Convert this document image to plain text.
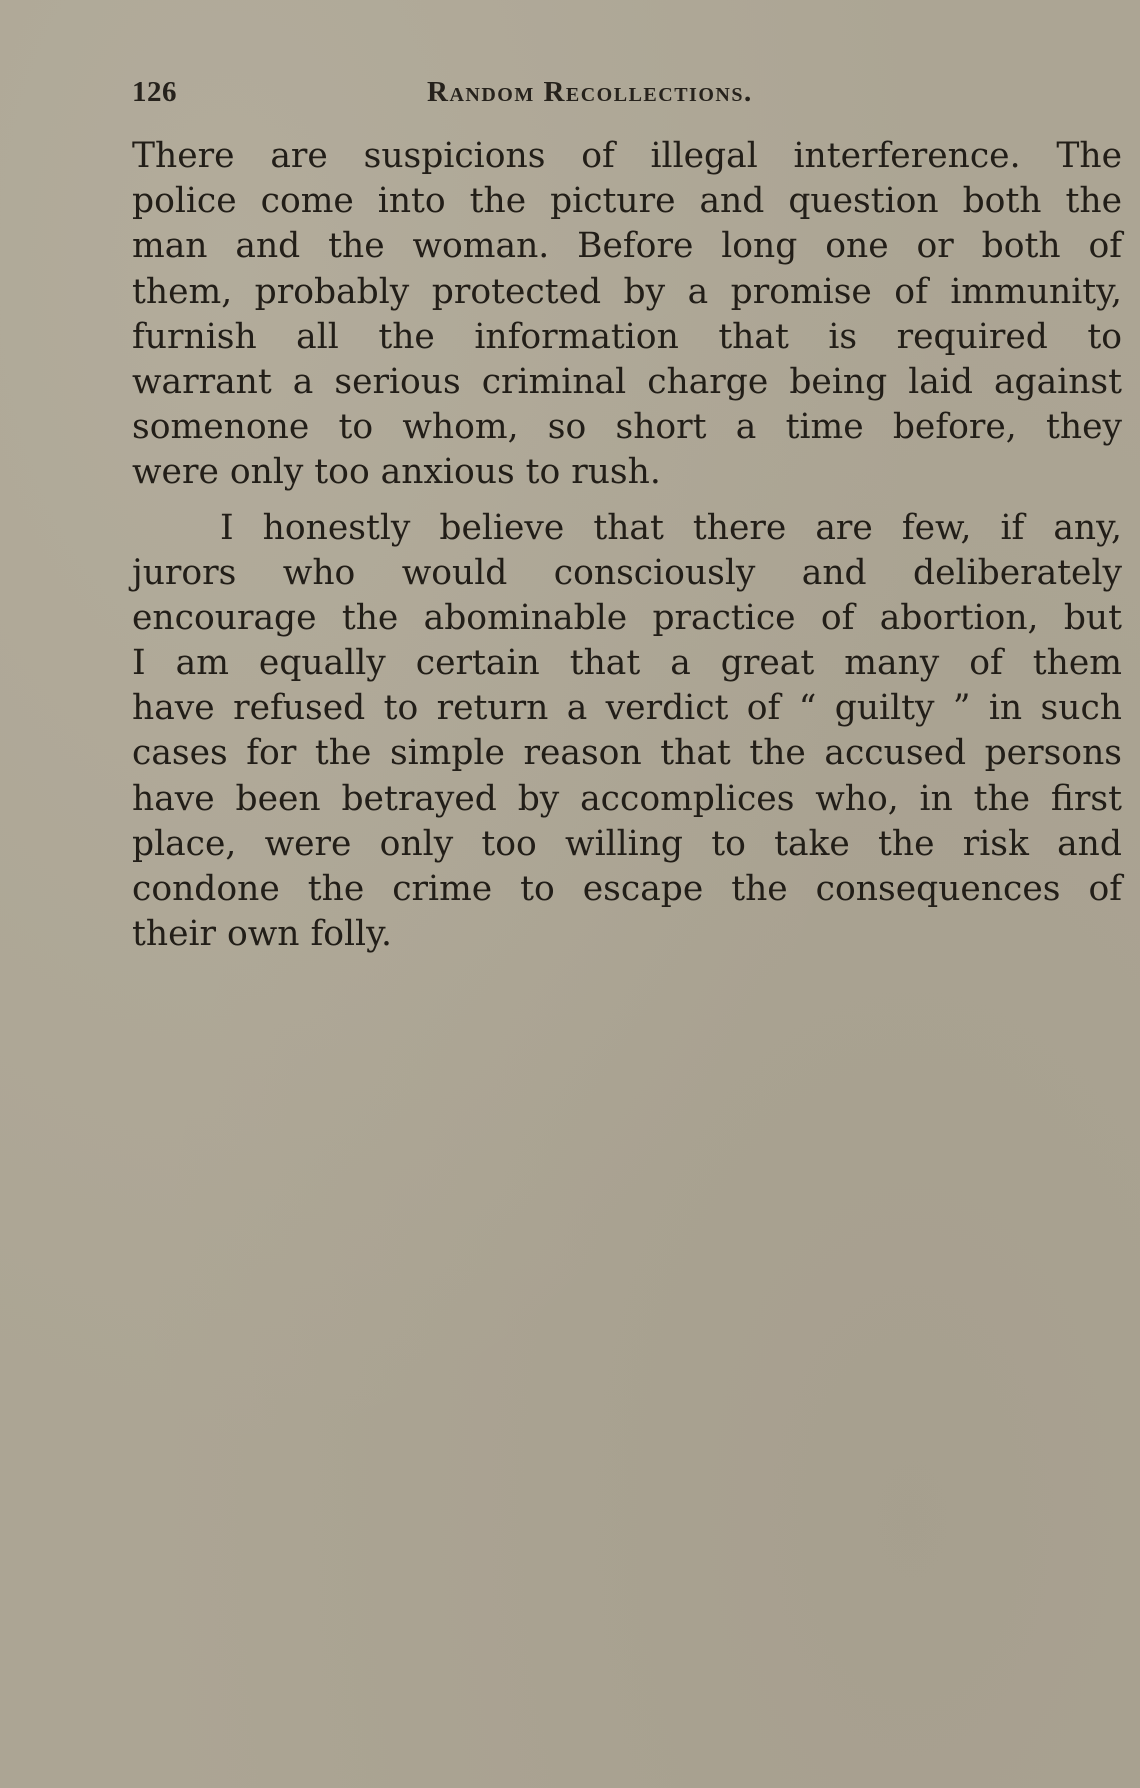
126	Random Recollections.
There are suspicions of illegal interference. The
police come into the picture and question both the
man and the woman. Before long one or both of
them, probably protected by a promise of immunity,
furnish all the information that is required to
warrant a serious criminal charge being laid against
somenone to whom, so short a time before, they
were only too anxious to rush.
I honestly believe that there are few, if any,
jurors who would consciously and deliberately
encourage the abominable practice of abortion, but
I am equally certain that a great many of them
have refused to return a verdict of “ guilty ” in such
cases for the simple reason that the accused persons
have been betrayed by accomplices who, in the first
place, were only too willing to take the risk and
condone the crime to escape the consequences of
their own folly.
